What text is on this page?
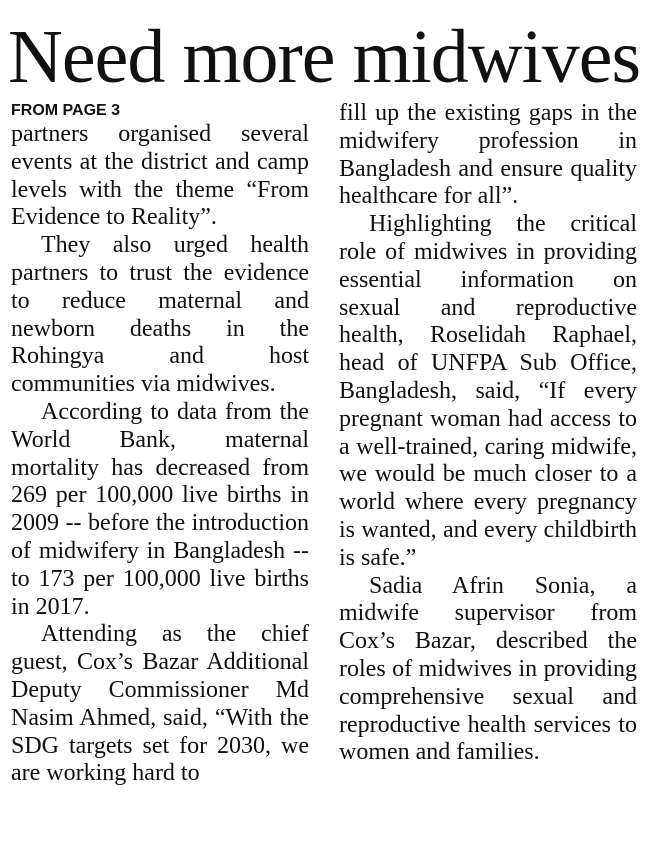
Need more midwives
FROM PAGE 3

partners organised several events at the district and camp levels with the theme “From Evidence to Reality”.

They also urged health partners to trust the evidence to reduce maternal and newborn deaths in the Rohingya and host communities via midwives.

According to data from the World Bank, maternal mortality has decreased from 269 per 100,000 live births in 2009 -- before the introduction of midwifery in Bangladesh -- to 173 per 100,000 live births in 2017.

Attending as the chief guest, Cox’s Bazar Additional Deputy Commissioner Md Nasim Ahmed, said, “With the SDG targets set for 2030, we are working hard to

fill up the existing gaps in the midwifery profession in Bangladesh and ensure quality healthcare for all”.

Highlighting the critical role of midwives in providing essential information on sexual and reproductive health, Roselidah Raphael, head of UNFPA Sub Office, Bangladesh, said, “If every pregnant woman had access to a well-trained, caring midwife, we would be much closer to a world where every pregnancy is wanted, and every childbirth is safe.”

Sadia Afrin Sonia, a midwife supervisor from Cox’s Bazar, described the roles of midwives in providing comprehensive sexual and reproductive health services to women and families.
